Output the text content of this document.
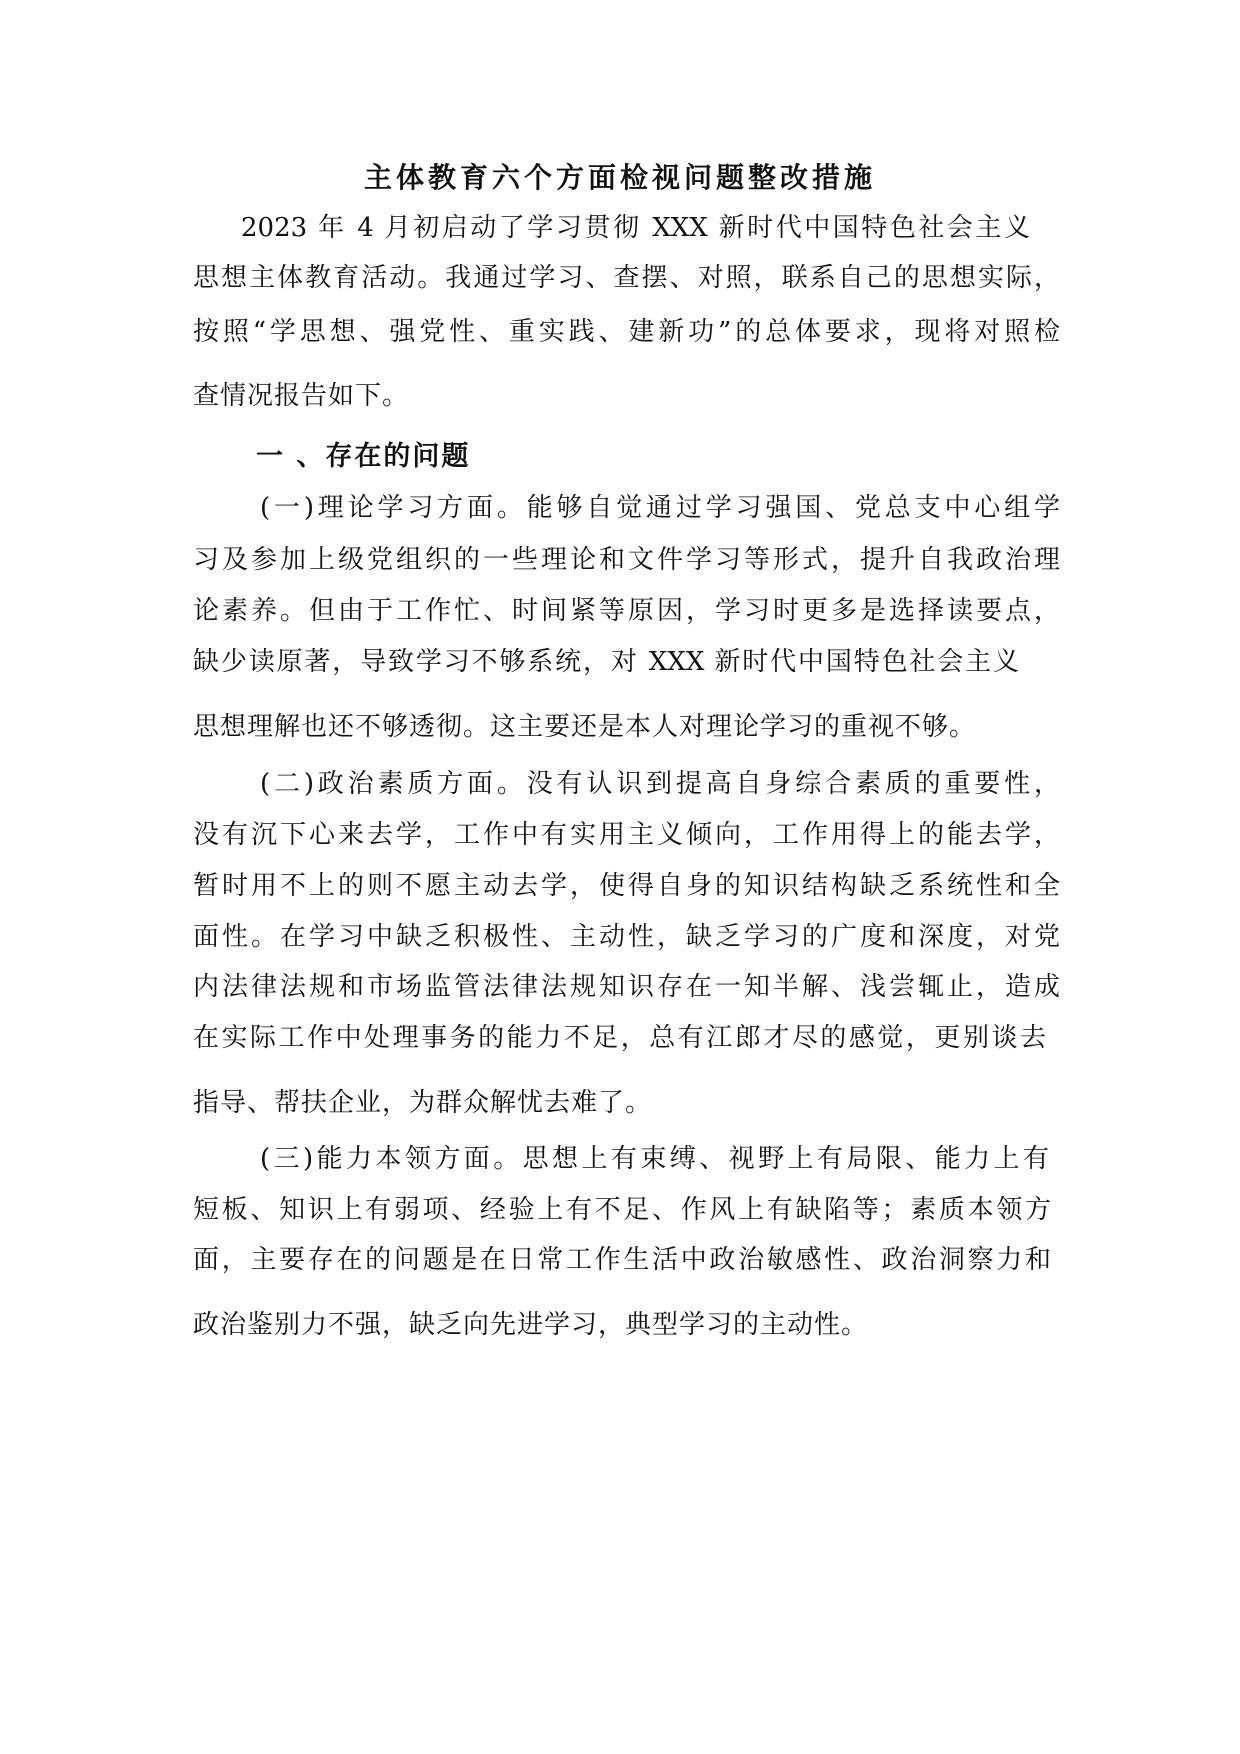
主体教育六个方面检视问题整改措施
2023 年 4 月初启动了学习贯彻 XXX 新时代中国特色社会主义
思想主体教育活动。我通过学习、查摆、对照，联系自己的思想实际，
按照“学思想、强党性、重实践、建新功”的总体要求，现将对照检
查情况报告如下。
一 、存在的问题
(一)理论学习方面。能够自觉通过学习强国、党总支中心组学
习及参加上级党组织的一些理论和文件学习等形式，提升自我政治理
论素养。但由于工作忙、时间紧等原因，学习时更多是选择读要点，
缺少读原著，导致学习不够系统，对 XXX 新时代中国特色社会主义
思想理解也还不够透彻。这主要还是本人对理论学习的重视不够。
(二)政治素质方面。没有认识到提高自身综合素质的重要性，
没有沉下心来去学，工作中有实用主义倾向，工作用得上的能去学，
暂时用不上的则不愿主动去学，使得自身的知识结构缺乏系统性和全
面性。在学习中缺乏积极性、主动性，缺乏学习的广度和深度，对党
内法律法规和市场监管法律法规知识存在一知半解、浅尝辄止，造成
在实际工作中处理事务的能力不足，总有江郎才尽的感觉，更别谈去
指导、帮扶企业，为群众解忧去难了。
(三)能力本领方面。思想上有束缚、视野上有局限、能力上有
短板、知识上有弱项、经验上有不足、作风上有缺陷等；素质本领方
面，主要存在的问题是在日常工作生活中政治敏感性、政治洞察力和
政治鉴别力不强，缺乏向先进学习，典型学习的主动性。
